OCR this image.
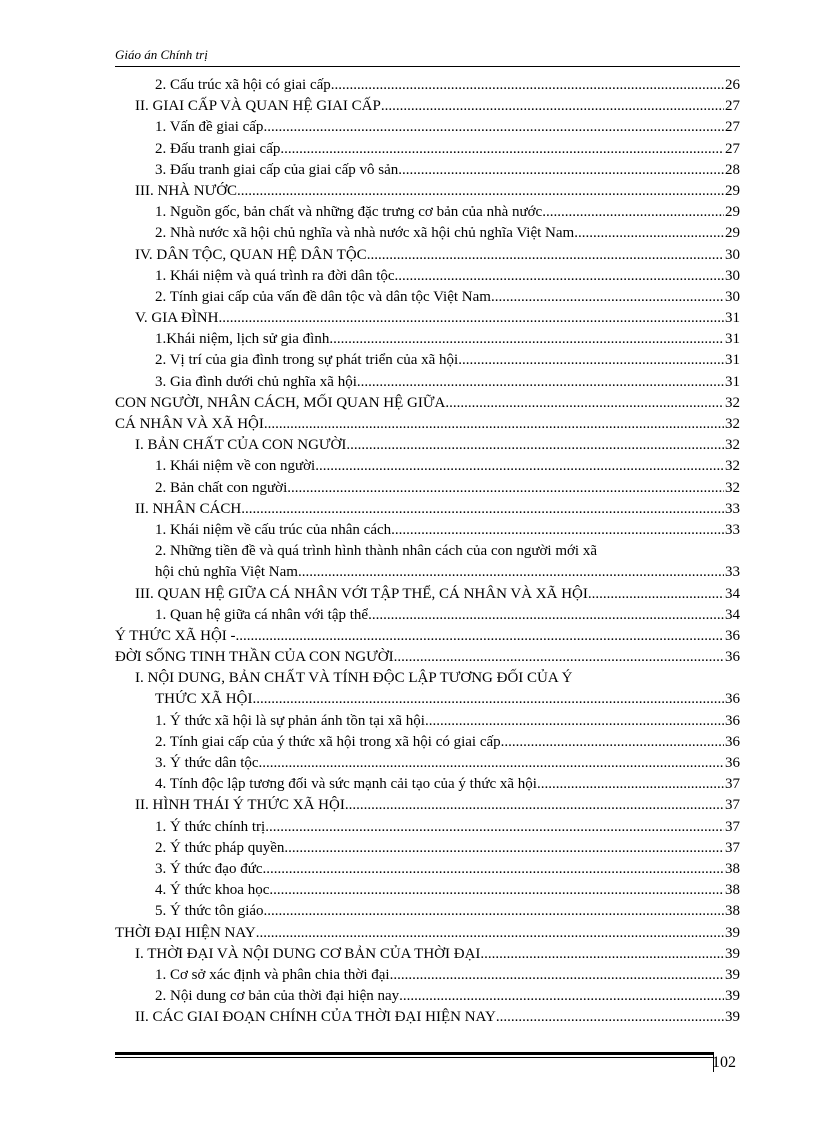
Giáo án Chính trị
2. Cấu trúc xã hội có giai cấp .....	26
II. GIAI CẤP VÀ QUAN HỆ GIAI CẤP .....	27
1. Vấn đề giai cấp .....	27
2. Đấu tranh giai cấp .....	27
3. Đấu tranh giai cấp của giai cấp vô sản .....	28
III. NHÀ NƯỚC .....	29
1. Nguồn gốc, bản chất và những đặc trưng cơ bản của nhà nước .....	29
2. Nhà nước xã hội chủ nghĩa và nhà nước xã hội chủ nghĩa Việt Nam .....	29
IV. DÂN TỘC, QUAN HỆ DÂN TỘC .....	30
1. Khái niệm và quá trình ra đời dân tộc .....	30
2. Tính giai cấp của vấn đề dân tộc và dân tộc Việt Nam .....	30
V. GIA ĐÌNH .....	31
1.Khái niệm, lịch sử gia đình .....	31
2. Vị trí của gia đình trong sự phát triển của xã hội .....	31
3. Gia đình dưới chủ nghĩa xã hội .....	31
CON NGƯỜI, NHÂN CÁCH, MỐI QUAN HỆ GIỮA .....	32
CÁ NHÂN VÀ XÃ HỘI .....	32
I. BẢN CHẤT CỦA CON NGƯỜI .....	32
1. Khái niệm về con người .....	32
2. Bản chất con người .....	32
II. NHÂN CÁCH .....	33
1. Khái niệm về cấu trúc của nhân cách .....	33
2. Những tiền đề và quá trình hình thành nhân cách của con người mới xã
hội chủ nghĩa Việt Nam .....	33
III. QUAN HỆ GIỮA CÁ NHÂN VỚI TẬP THỂ, CÁ NHÂN VÀ XÃ HỘI .....	34
1. Quan hệ giữa cá nhân với tập thể .....	34
Ý THỨC XÃ HỘI - .....	36
ĐỜI SỐNG TINH THẦN CỦA CON NGƯỜI .....	36
I. NỘI DUNG, BẢN CHẤT VÀ TÍNH ĐỘC LẬP TƯƠNG ĐỐI CỦA Ý
THỨC XÃ HỘI .....	36
1. Ý thức xã hội là sự phản ánh tồn tại xã hội .....	36
2. Tính giai cấp của ý thức xã hội trong xã hội có giai cấp .....	36
3. Ý thức dân tộc .....	36
4. Tính độc lập tương đối và sức mạnh cải tạo của ý thức xã hội .....	37
II. HÌNH THÁI Ý THỨC XÃ HỘI .....	37
1. Ý thức chính trị .....	37
2. Ý thức pháp quyền .....	37
3. Ý thức đạo đức .....	38
4. Ý thức khoa học .....	38
5. Ý thức tôn giáo .....	38
THỜI ĐẠI HIỆN NAY .....	39
I. THỜI ĐẠI VÀ NỘI DUNG CƠ BẢN CỦA THỜI ĐẠI .....	39
1. Cơ sở xác định và phân chia thời đại .....	39
2. Nội dung cơ bản của thời đại hiện nay .....	39
II. CÁC GIAI ĐOẠN CHÍNH CỦA THỜI ĐẠI HIỆN NAY .....	39
102
